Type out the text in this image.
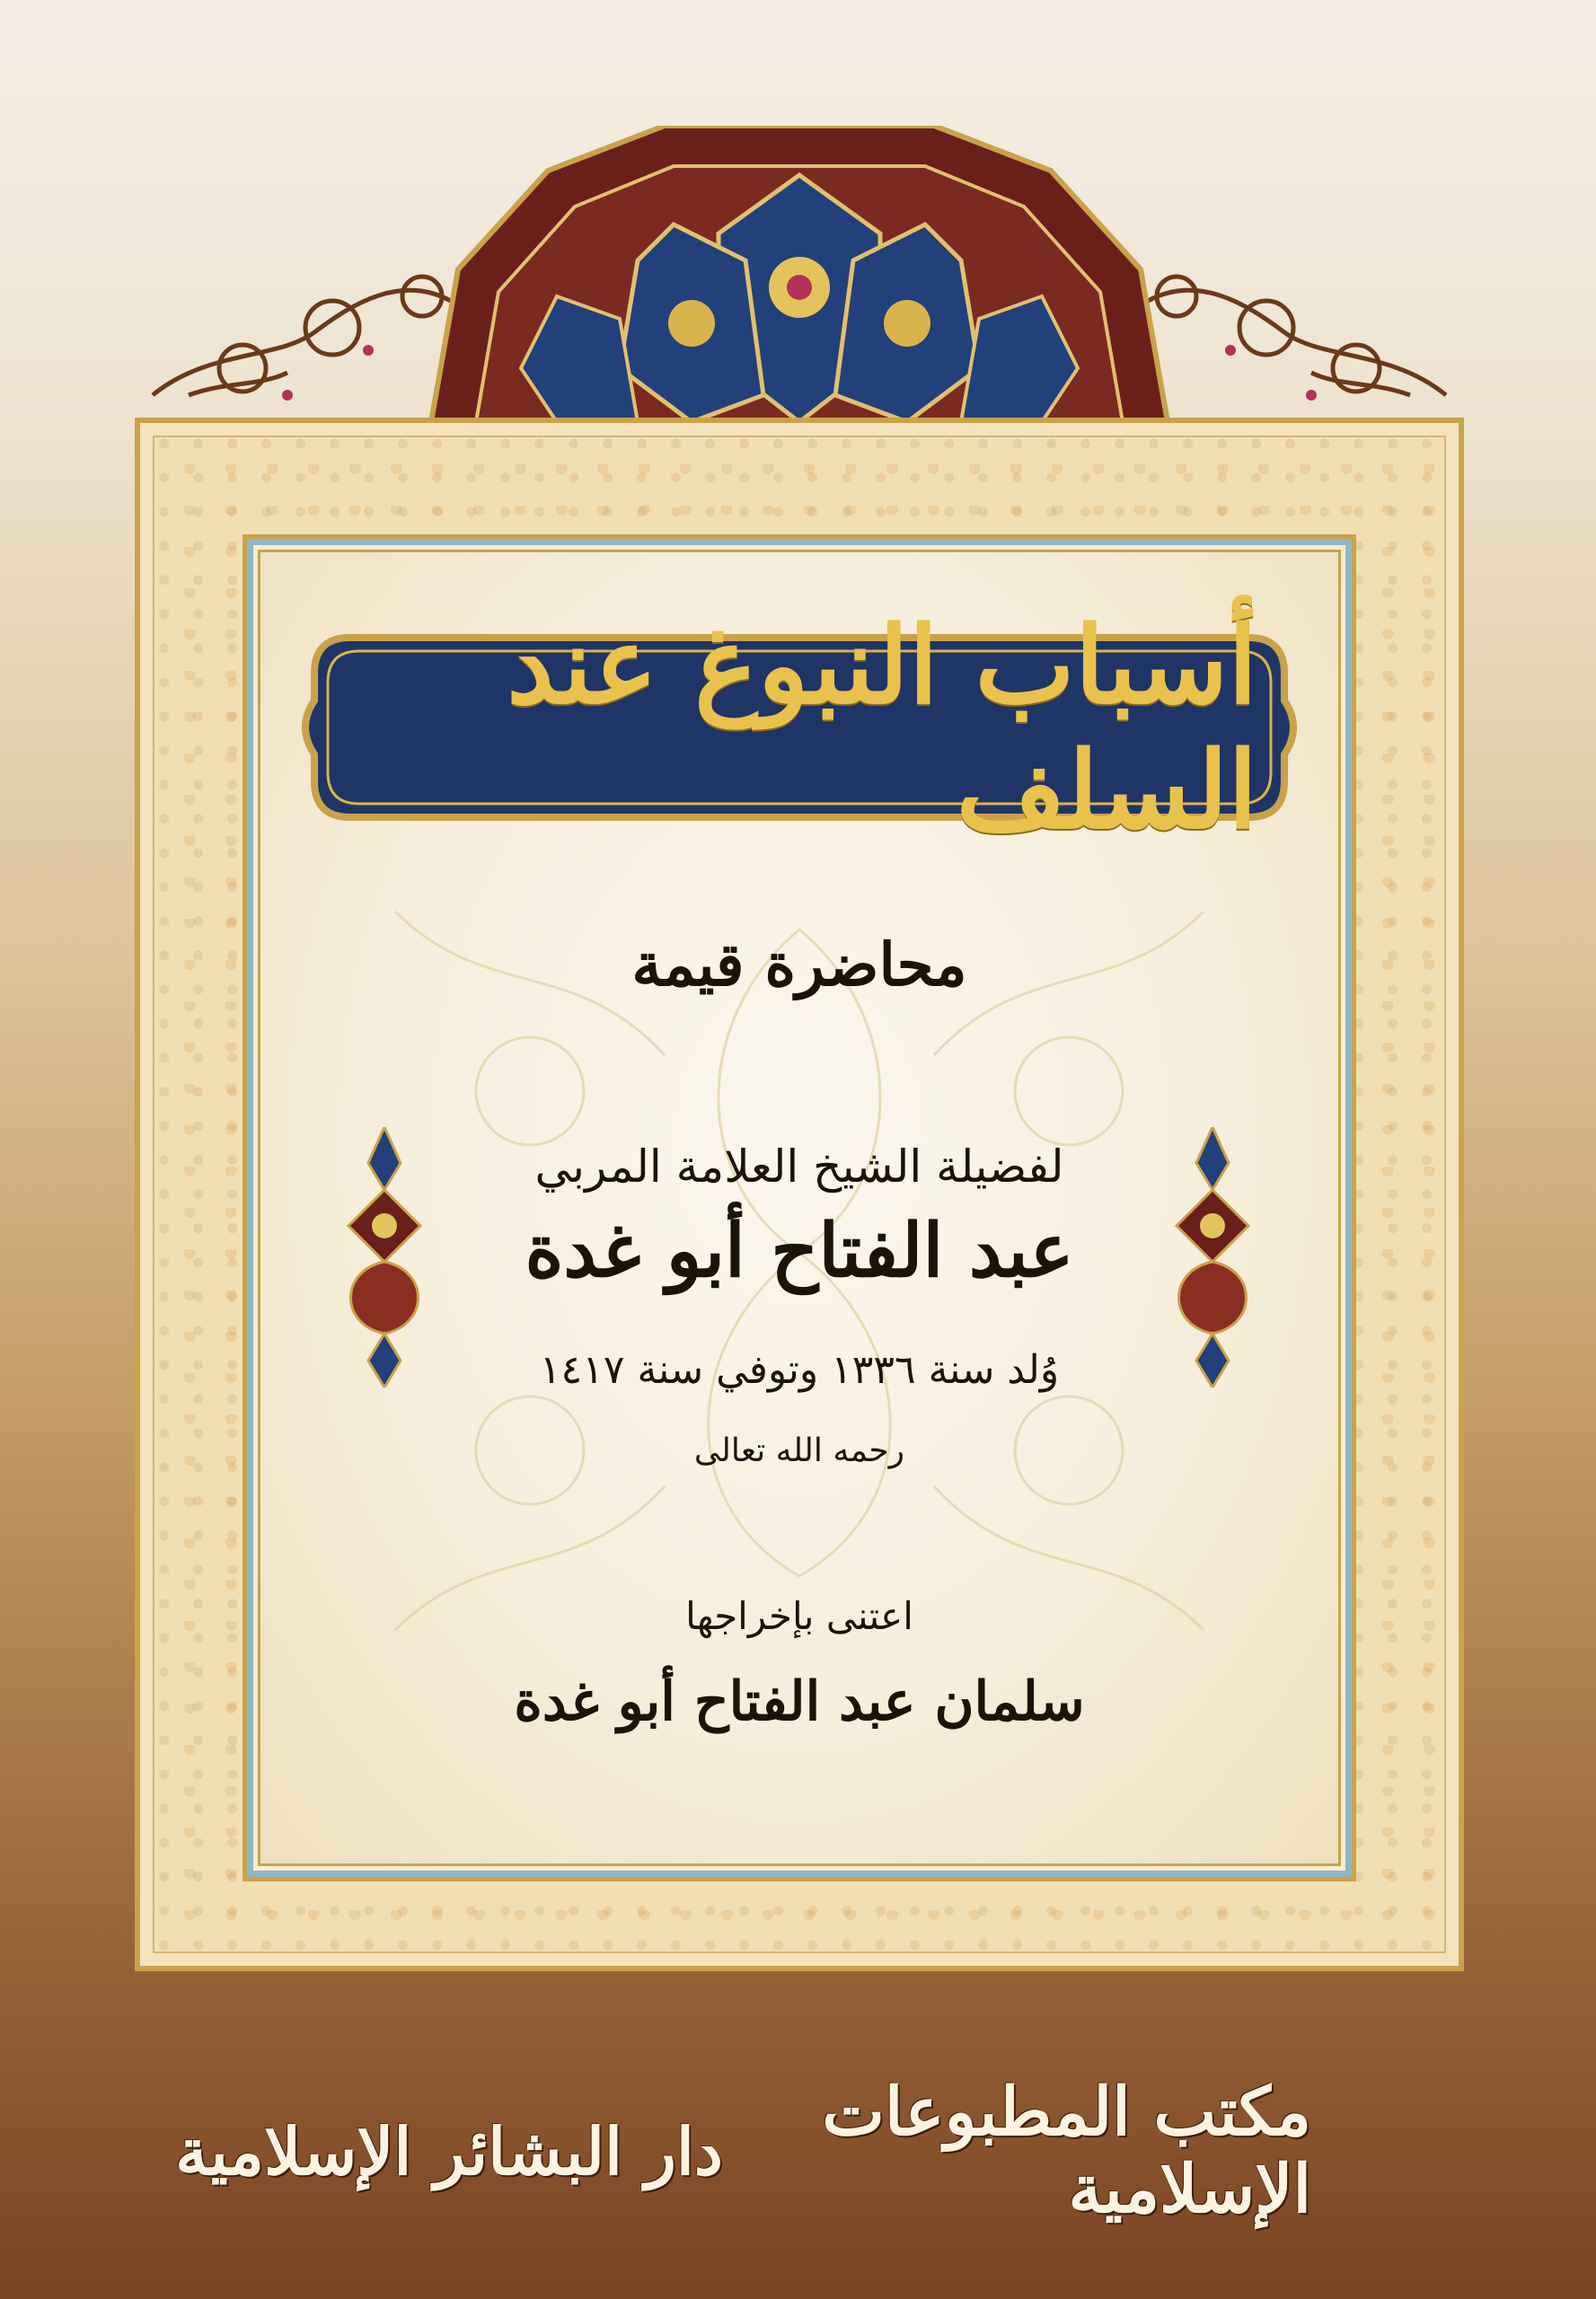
أسباب النبوغ عند السلف
محاضرة قيمة
لفضيلة الشيخ العلامة المربي
عبد الفتاح أبو غدة
وُلد سنة ١٣٣٦ وتوفي سنة ١٤١٧
رحمه الله تعالى
اعتنى بإخراجها
سلمان عبد الفتاح أبو غدة
دار البشائر الإسلامية	مكتب المطبوعات الإسلامية
